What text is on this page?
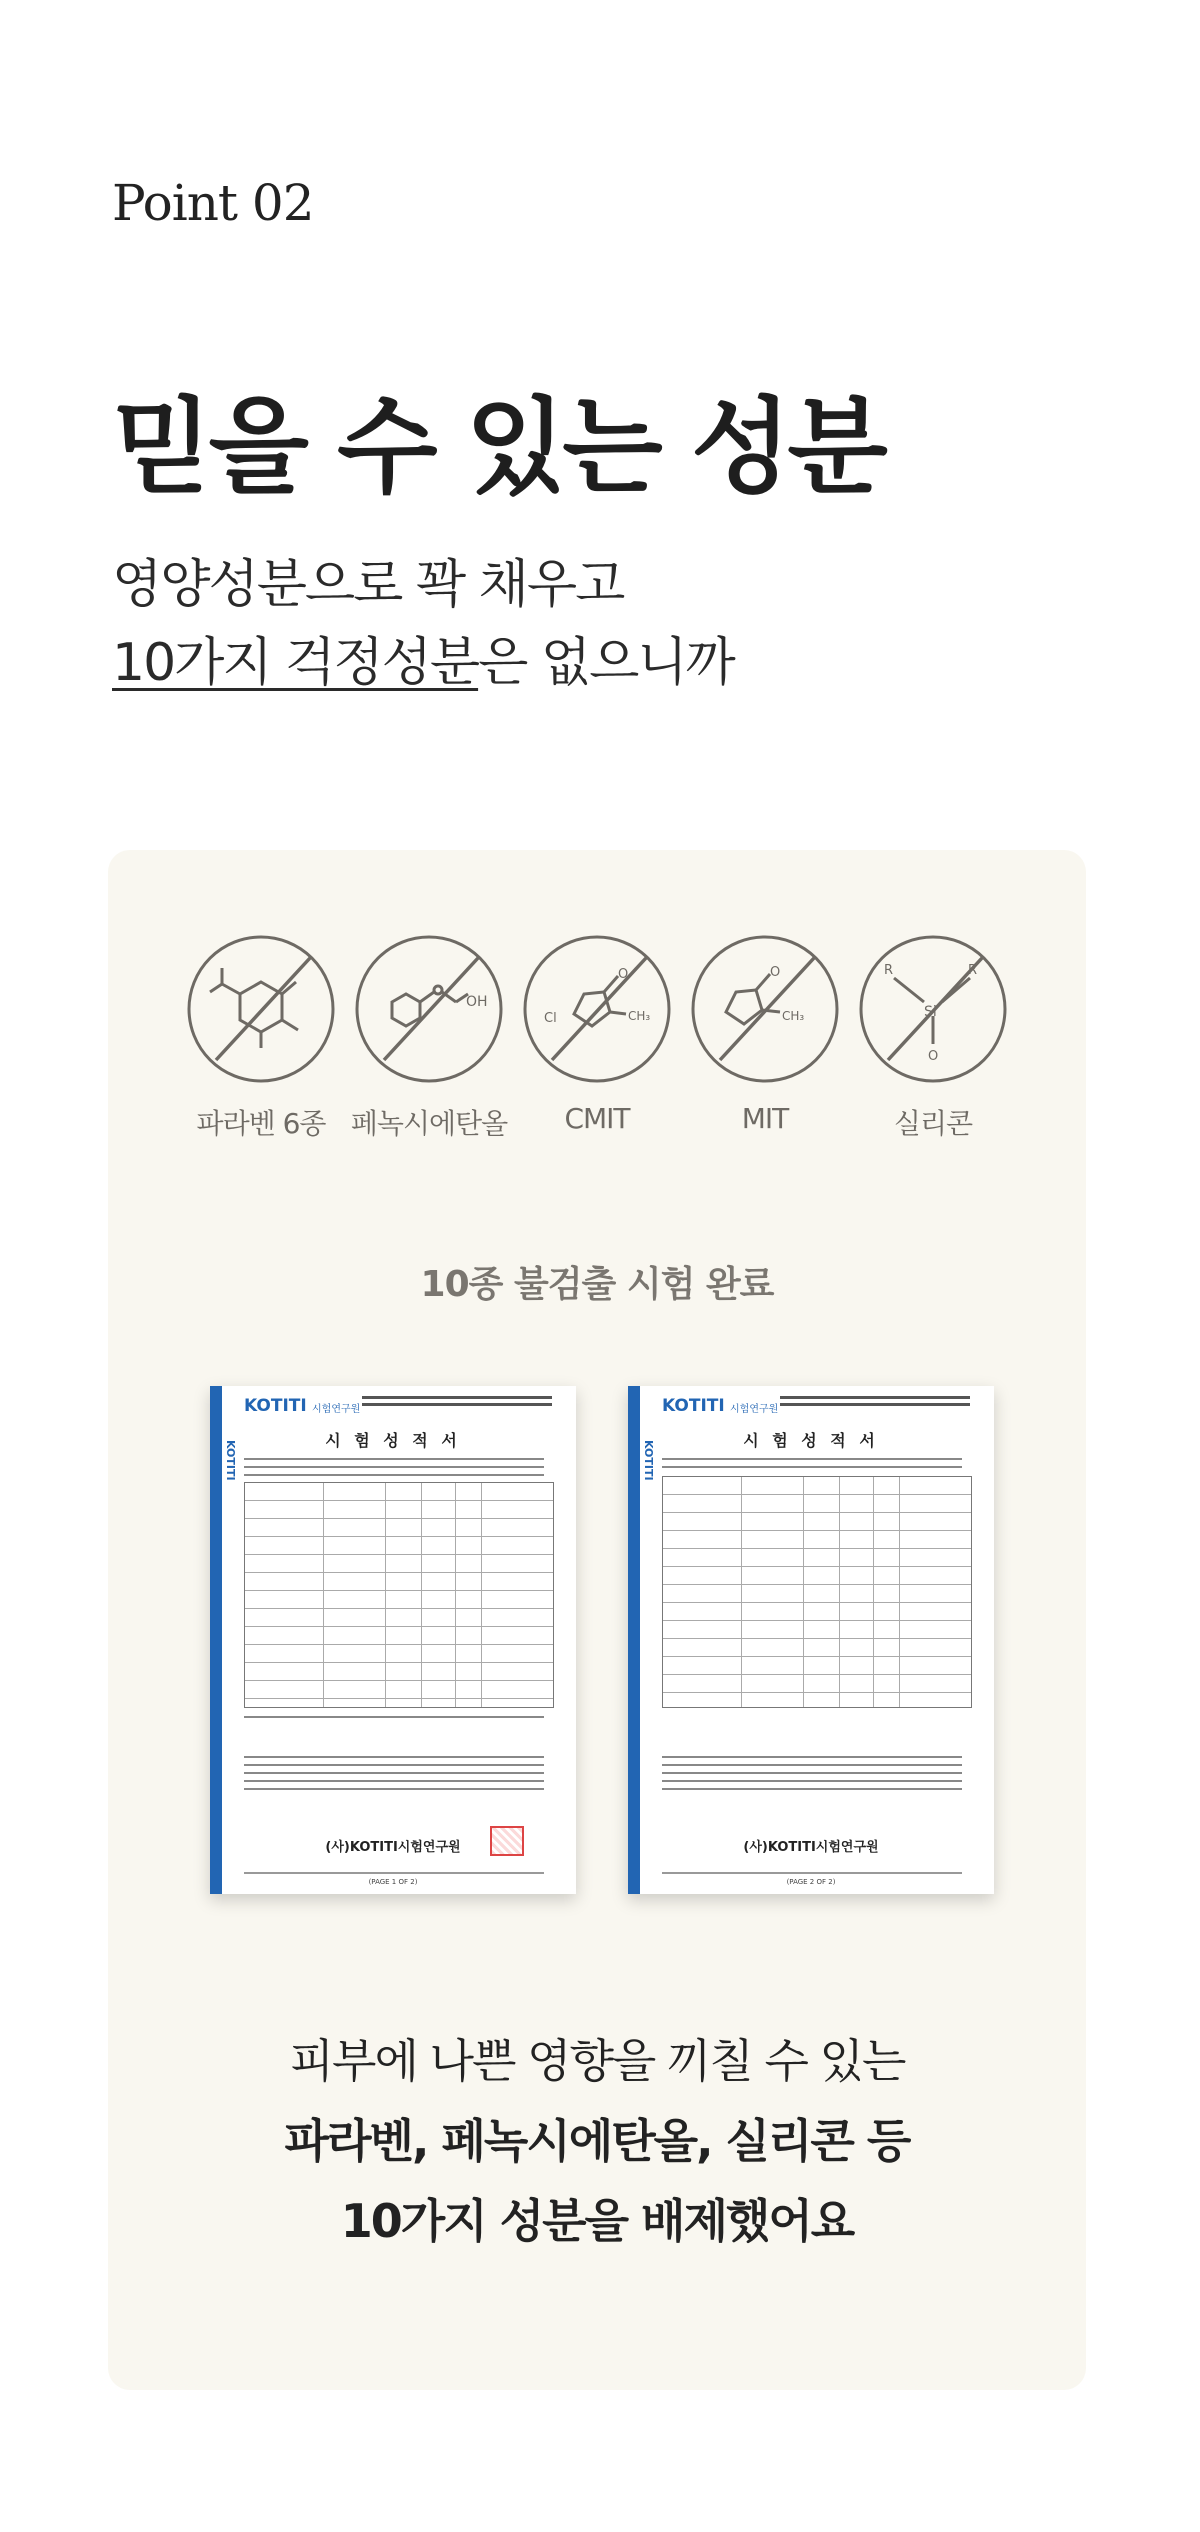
Point 02
믿을 수 있는 성분
영양성분으로 꽉 채우고
10가지 걱정성분은 없으니까
파라벤 6종
OH
페녹시에탄올
O
Cl	CH₃
CMIT
O
CH₃
MIT
R	R
Si
O
실리콘
10종 불검출 시험 완료
KOTITI
KOTITI 시험연구원
시 험 성 적 서
(사)KOTITI시험연구원
(PAGE 1 OF 2)
KOTITI
KOTITI 시험연구원
시 험 성 적 서
(사)KOTITI시험연구원
(PAGE 2 OF 2)
피부에 나쁜 영향을 끼칠 수 있는
파라벤, 페녹시에탄올, 실리콘 등
10가지 성분을 배제했어요
